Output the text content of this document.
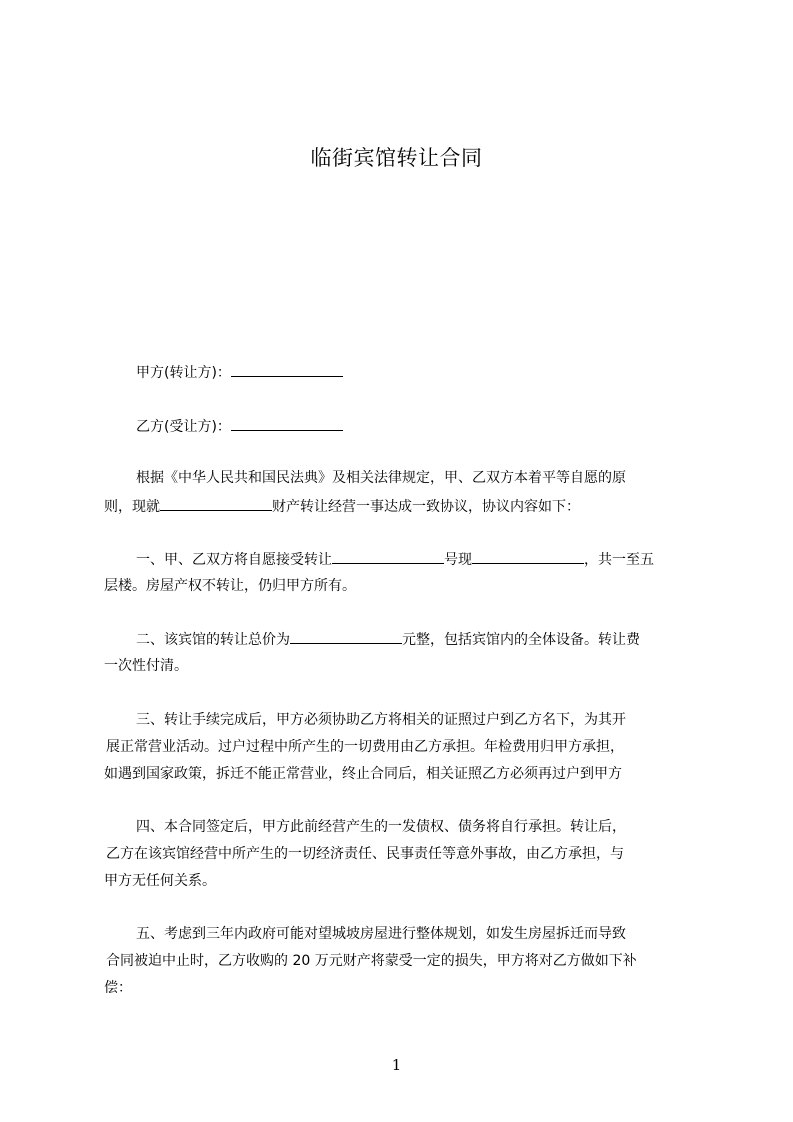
临街宾馆转让合同
甲方(转让方)：
乙方(受让方)：
根据《中华人民共和国民法典》及相关法律规定，甲、乙双方本着平等自愿的原
则，现就	财产转让经营一事达成一致协议，协议内容如下：
一、甲、乙双方将自愿接受转让	号现	，共一至五
层楼。房屋产权不转让，仍归甲方所有。
二、该宾馆的转让总价为	元整，包括宾馆内的全体设备。转让费
一次性付清。
三、转让手续完成后，甲方必须协助乙方将相关的证照过户到乙方名下，为其开
展正常营业活动。过户过程中所产生的一切费用由乙方承担。年检费用归甲方承担，
如遇到国家政策，拆迁不能正常营业，终止合同后，相关证照乙方必须再过户到甲方
四、本合同签定后，甲方此前经营产生的一发债权、债务将自行承担。转让后，
乙方在该宾馆经营中所产生的一切经济责任、民事责任等意外事故，由乙方承担，与
甲方无任何关系。
五、考虑到三年内政府可能对望城坡房屋进行整体规划，如发生房屋拆迁而导致
合同被迫中止时，乙方收购的 20 万元财产将蒙受一定的损失，甲方将对乙方做如下补
偿：
1
